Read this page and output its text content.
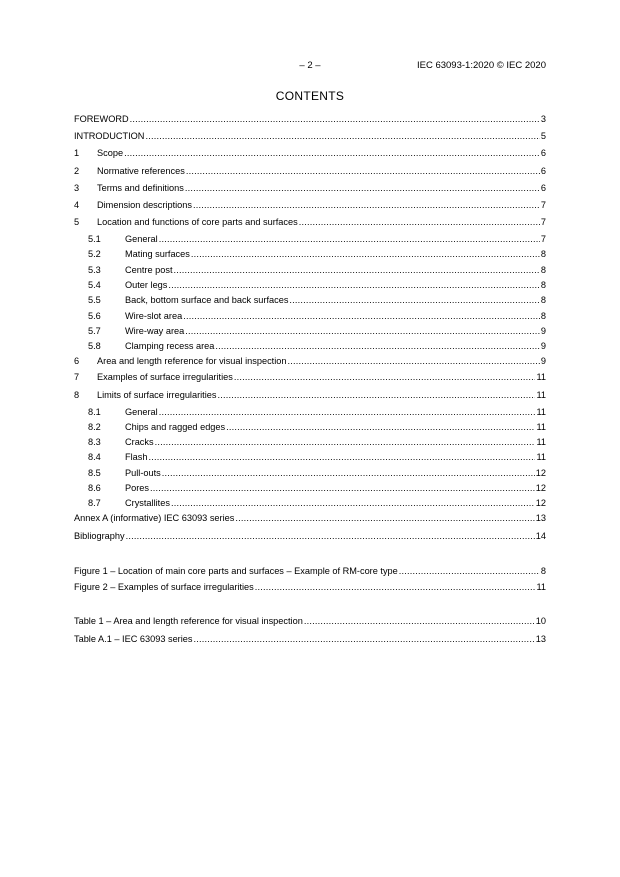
– 2 –	IEC 63093-1:2020 © IEC 2020
CONTENTS
FOREWORD .....	3
INTRODUCTION .....	5
1	Scope .....	6
2	Normative references .....	6
3	Terms and definitions .....	6
4	Dimension descriptions .....	7
5	Location and functions of core parts and surfaces .....	7
5.1	General .....	7
5.2	Mating surfaces .....	8
5.3	Centre post .....	8
5.4	Outer legs .....	8
5.5	Back, bottom surface and back surfaces .....	8
5.6	Wire-slot area .....	8
5.7	Wire-way area .....	9
5.8	Clamping recess area .....	9
6	Area and length reference for visual inspection .....	9
7	Examples of surface irregularities .....	11
8	Limits of surface irregularities .....	11
8.1	General .....	11
8.2	Chips and ragged edges .....	11
8.3	Cracks .....	11
8.4	Flash .....	11
8.5	Pull-outs .....	12
8.6	Pores .....	12
8.7	Crystallites .....	12
Annex A (informative) IEC 63093 series .....	13
Bibliography .....	14
Figure 1 – Location of main core parts and surfaces – Example of RM-core type .....	8
Figure 2 – Examples of surface irregularities .....	11
Table 1 – Area and length reference for visual inspection .....	10
Table A.1 – IEC 63093 series .....	13
